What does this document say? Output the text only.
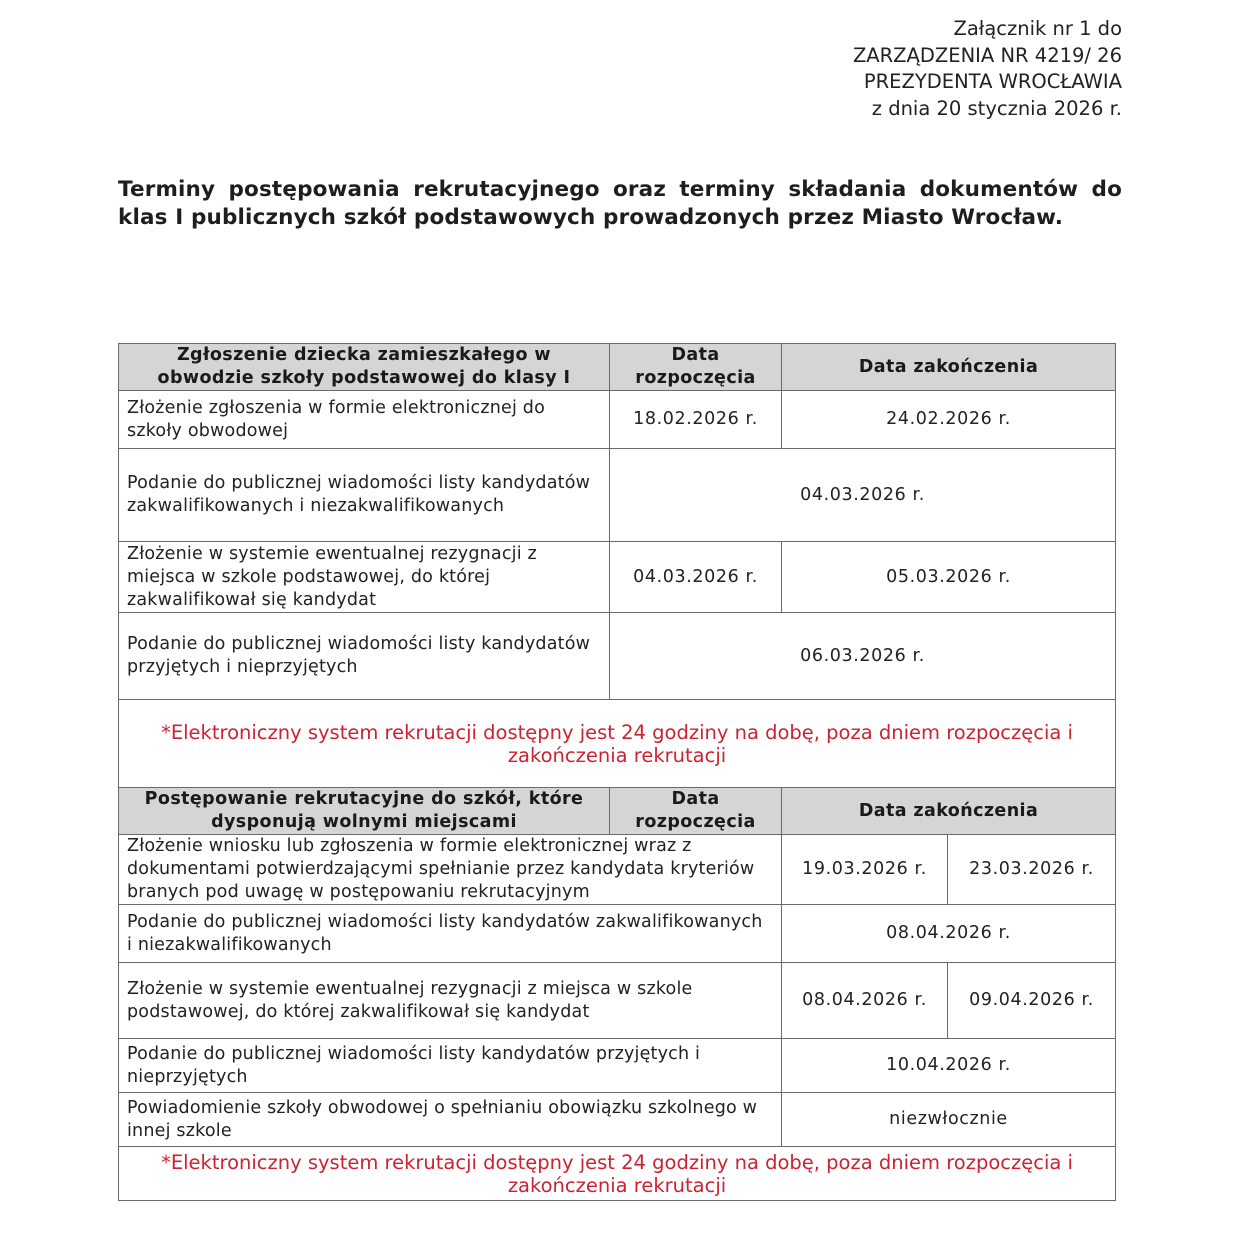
Załącznik nr 1 do
ZARZĄDZENIA NR 4219/ 26
PREZYDENTA WROCŁAWIA
z dnia 20 stycznia 2026 r.
Terminy postępowania rekrutacyjnego oraz terminy składania dokumentów do klas I publicznych szkół podstawowych prowadzonych przez Miasto Wrocław.
Zgłoszenie dziecka zamieszkałego w obwodzie szkoły podstawowej do klasy I	Data rozpoczęcia	Data zakończenia	
Złożenie zgłoszenia w formie elektronicznej do szkoły obwodowej	18.02.2026 r.	24.02.2026 r.	
Podanie do publicznej wiadomości listy kandydatów zakwalifikowanych i niezakwalifikowanych	04.03.2026 r.		
Złożenie w systemie ewentualnej rezygnacji z miejsca w szkole podstawowej, do której zakwalifikował się kandydat	04.03.2026 r.	05.03.2026 r.	
Podanie do publicznej wiadomości listy kandydatów przyjętych i nieprzyjętych	06.03.2026 r.		
*Elektroniczny system rekrutacji dostępny jest 24 godziny na dobę, poza dniem rozpoczęcia i zakończenia rekrutacji			
Postępowanie rekrutacyjne do szkół, które dysponują wolnymi miejscami	Data rozpoczęcia	Data zakończenia	
Złożenie wniosku lub zgłoszenia w formie elektronicznej wraz z dokumentami potwierdzającymi spełnianie przez kandydata kryteriów branych pod uwagę w postępowaniu rekrutacyjnym		19.03.2026 r.	23.03.2026 r.
Podanie do publicznej wiadomości listy kandydatów zakwalifikowanych i niezakwalifikowanych		08.04.2026 r.	
Złożenie w systemie ewentualnej rezygnacji z miejsca w szkole podstawowej, do której zakwalifikował się kandydat		08.04.2026 r.	09.04.2026 r.
Podanie do publicznej wiadomości listy kandydatów przyjętych i nieprzyjętych		10.04.2026 r.	
Powiadomienie szkoły obwodowej o spełnianiu obowiązku szkolnego w innej szkole		niezwłocznie	
*Elektroniczny system rekrutacji dostępny jest 24 godziny na dobę, poza dniem rozpoczęcia i zakończenia rekrutacji			
